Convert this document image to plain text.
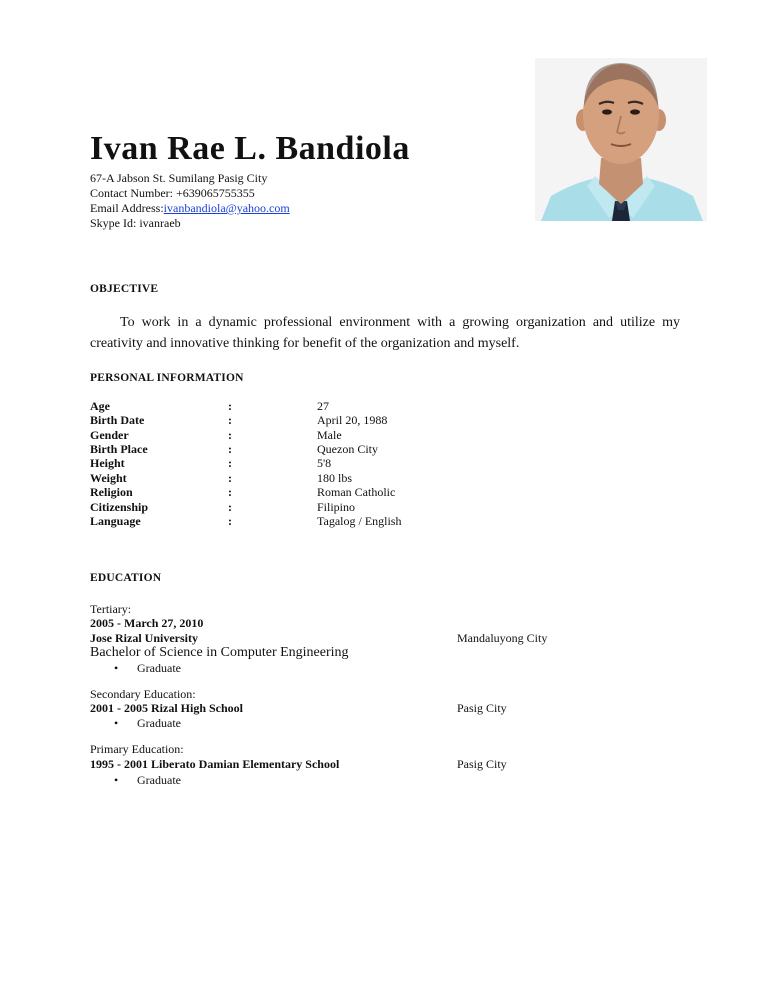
Ivan Rae L. Bandiola
67-A Jabson St. Sumilang Pasig City
Contact Number: +639065755355
Email Address:ivanbandiola@yahoo.com
Skype Id: ivanraeb
OBJECTIVE
To work in a dynamic professional environment with a growing organization and utilize my creativity and innovative thinking for benefit of the organization and myself.
PERSONAL INFORMATION
Age	:	27
Birth Date	:	April 20, 1988
Gender	:	Male
Birth Place	:	Quezon City
Height	:	5'8
Weight	:	180 lbs
Religion	:	Roman Catholic
Citizenship	:	Filipino
Language	:	Tagalog / English
EDUCATION
Tertiary:
2005 - March 27, 2010
Jose Rizal University	Mandaluyong City
Bachelor of Science in Computer Engineering
• Graduate
Secondary Education:
2001 - 2005 Rizal High School	Pasig City
• Graduate
Primary Education:
1995 - 2001 Liberato Damian Elementary School	Pasig City
• Graduate
